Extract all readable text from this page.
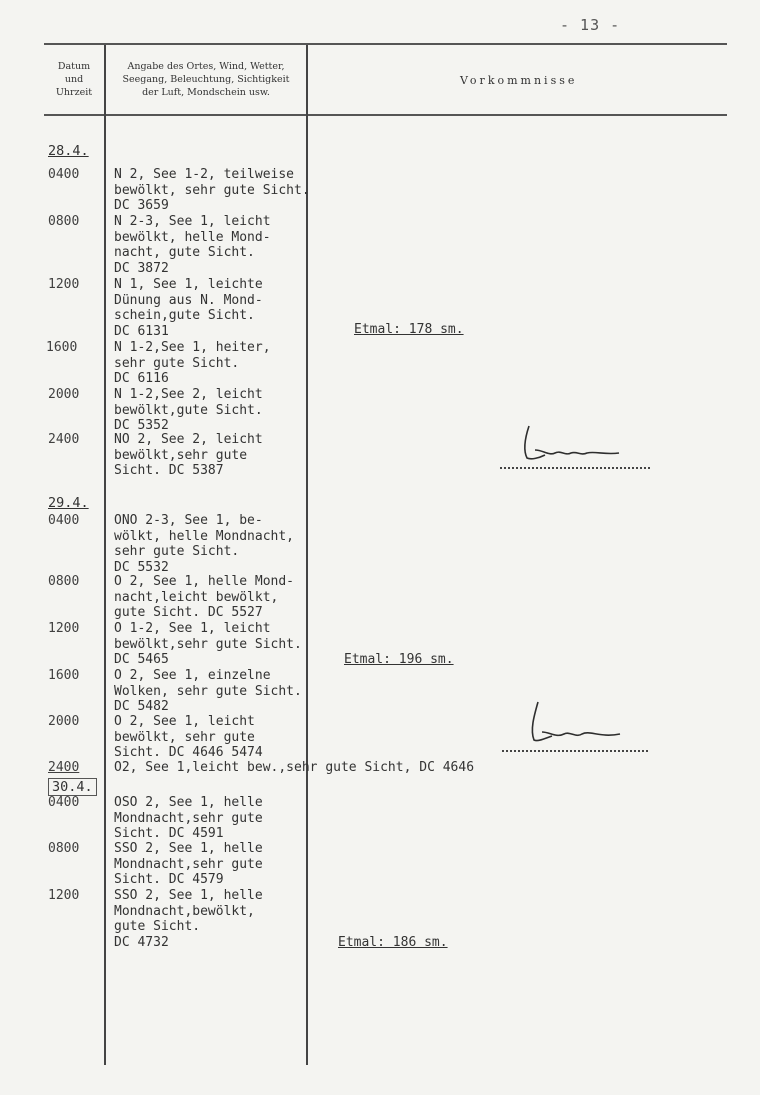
- 13 -
Datum
und
Uhrzeit
Angabe des Ortes, Wind, Wetter,
Seegang, Beleuchtung, Sichtigkeit
der Luft, Mondschein usw.
Vorkommnisse
28.4.
0400	N 2, See 1-2, teilweise
bewölkt, sehr gute Sicht.
DC 3659
0800	N 2-3, See 1, leicht
bewölkt, helle Mond-
nacht, gute Sicht.
DC 3872
1200	N 1, See 1, leichte
Dünung aus N. Mond-
schein,gute Sicht.
DC 6131
1600	N 1-2,See 1, heiter,
sehr gute Sicht.
DC 6116
2000	N 1-2,See 2, leicht
bewölkt,gute Sicht.
DC 5352
2400	NO 2, See 2, leicht
bewölkt,sehr gute
Sicht. DC 5387
Etmal: 178 sm.
29.4.
0400	ONO 2-3, See 1, be-
wölkt, helle Mondnacht,
sehr gute Sicht.
DC 5532
0800	O 2, See 1, helle Mond-
nacht,leicht bewölkt,
gute Sicht. DC 5527
1200	O 1-2, See 1, leicht
bewölkt,sehr gute Sicht.
DC 5465
1600	O 2, See 1, einzelne
Wolken, sehr gute Sicht.
DC 5482
2000	O 2, See 1, leicht
bewölkt, sehr gute
Sicht. DC 4646 5474
2400	O2, See 1,leicht bew.,sehr gute Sicht, DC 4646
Etmal: 196 sm.
30.4.
0400	OSO 2, See 1, helle
Mondnacht,sehr gute
Sicht. DC 4591
0800	SSO 2, See 1, helle
Mondnacht,sehr gute
Sicht. DC 4579
1200	SSO 2, See 1, helle
Mondnacht,bewölkt,
gute Sicht.
DC 4732	Etmal: 186 sm.
